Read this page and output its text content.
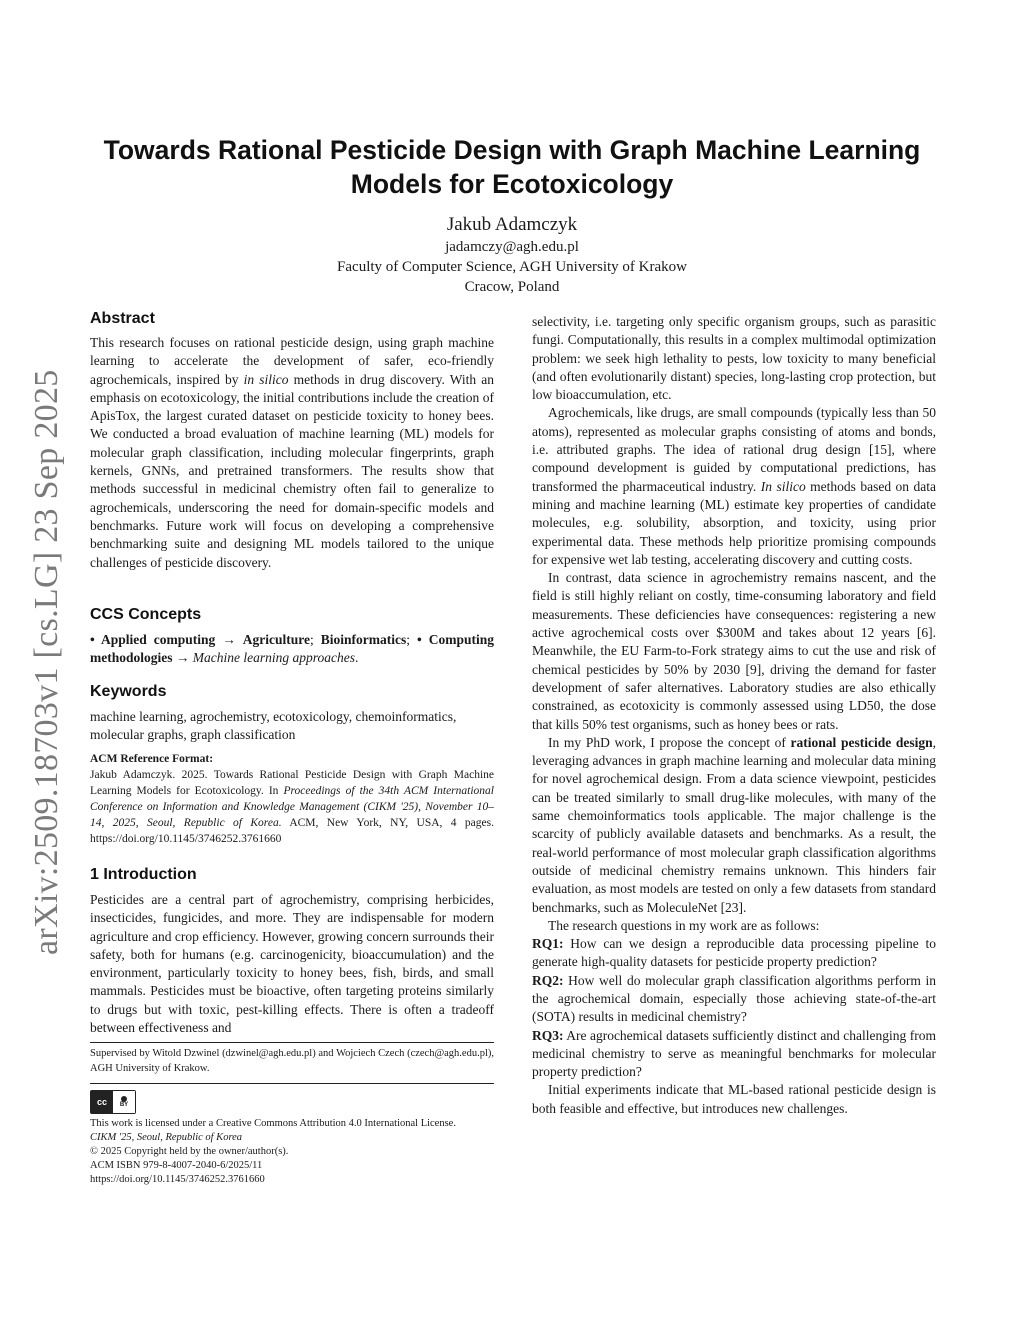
arXiv:2509.18703v1 [cs.LG] 23 Sep 2025
Towards Rational Pesticide Design with Graph Machine Learning Models for Ecotoxicology
Jakub Adamczyk
jadamczy@agh.edu.pl
Faculty of Computer Science, AGH University of Krakow
Cracow, Poland
Abstract
This research focuses on rational pesticide design, using graph machine learning to accelerate the development of safer, eco-friendly agrochemicals, inspired by in silico methods in drug discovery. With an emphasis on ecotoxicology, the initial contributions include the creation of ApisTox, the largest curated dataset on pesticide toxicity to honey bees. We conducted a broad evaluation of machine learning (ML) models for molecular graph classification, including molecular fingerprints, graph kernels, GNNs, and pretrained transformers. The results show that methods successful in medicinal chemistry often fail to generalize to agrochemicals, underscoring the need for domain-specific models and benchmarks. Future work will focus on developing a comprehensive benchmarking suite and designing ML models tailored to the unique challenges of pesticide discovery.
CCS Concepts
• Applied computing → Agriculture; Bioinformatics; • Computing methodologies → Machine learning approaches.
Keywords
machine learning, agrochemistry, ecotoxicology, chemoinformatics, molecular graphs, graph classification
ACM Reference Format:
Jakub Adamczyk. 2025. Towards Rational Pesticide Design with Graph Machine Learning Models for Ecotoxicology. In Proceedings of the 34th ACM International Conference on Information and Knowledge Management (CIKM '25), November 10–14, 2025, Seoul, Republic of Korea. ACM, New York, NY, USA, 4 pages. https://doi.org/10.1145/3746252.3761660
1 Introduction
Pesticides are a central part of agrochemistry, comprising herbicides, insecticides, fungicides, and more. They are indispensable for modern agriculture and crop efficiency. However, growing concern surrounds their safety, both for humans (e.g. carcinogenicity, bioaccumulation) and the environment, particularly toxicity to honey bees, fish, birds, and small mammals. Pesticides must be bioactive, often targeting proteins similarly to drugs but with toxic, pest-killing effects. There is often a tradeoff between effectiveness and
Supervised by Witold Dzwinel (dzwinel@agh.edu.pl) and Wojciech Czech (czech@agh.edu.pl), AGH University of Krakow.
cc	BY
This work is licensed under a Creative Commons Attribution 4.0 International License.
CIKM '25, Seoul, Republic of Korea
© 2025 Copyright held by the owner/author(s).
ACM ISBN 979-8-4007-2040-6/2025/11
https://doi.org/10.1145/3746252.3761660

selectivity, i.e. targeting only specific organism groups, such as parasitic fungi. Computationally, this results in a complex multimodal optimization problem: we seek high lethality to pests, low toxicity to many beneficial (and often evolutionarily distant) species, long-lasting crop protection, but low bioaccumulation, etc.

Agrochemicals, like drugs, are small compounds (typically less than 50 atoms), represented as molecular graphs consisting of atoms and bonds, i.e. attributed graphs. The idea of rational drug design [15], where compound development is guided by computational predictions, has transformed the pharmaceutical industry. In silico methods based on data mining and machine learning (ML) estimate key properties of candidate molecules, e.g. solubility, absorption, and toxicity, using prior experimental data. These methods help prioritize promising compounds for expensive wet lab testing, accelerating discovery and cutting costs.

In contrast, data science in agrochemistry remains nascent, and the field is still highly reliant on costly, time-consuming laboratory and field measurements. These deficiencies have consequences: registering a new active agrochemical costs over $300M and takes about 12 years [6]. Meanwhile, the EU Farm-to-Fork strategy aims to cut the use and risk of chemical pesticides by 50% by 2030 [9], driving the demand for faster development of safer alternatives. Laboratory studies are also ethically constrained, as ecotoxicity is commonly assessed using LD50, the dose that kills 50% test organisms, such as honey bees or rats.

In my PhD work, I propose the concept of rational pesticide design, leveraging advances in graph machine learning and molecular data mining for novel agrochemical design. From a data science viewpoint, pesticides can be treated similarly to small drug-like molecules, with many of the same chemoinformatics tools applicable. The major challenge is the scarcity of publicly available datasets and benchmarks. As a result, the real-world performance of most molecular graph classification algorithms outside of medicinal chemistry remains unknown. This hinders fair evaluation, as most models are tested on only a few datasets from standard benchmarks, such as MoleculeNet [23].

The research questions in my work are as follows:

RQ1: How can we design a reproducible data processing pipeline to generate high-quality datasets for pesticide property prediction?

RQ2: How well do molecular graph classification algorithms perform in the agrochemical domain, especially those achieving state-of-the-art (SOTA) results in medicinal chemistry?

RQ3: Are agrochemical datasets sufficiently distinct and challenging from medicinal chemistry to serve as meaningful benchmarks for molecular property prediction?

Initial experiments indicate that ML-based rational pesticide design is both feasible and effective, but introduces new challenges.
